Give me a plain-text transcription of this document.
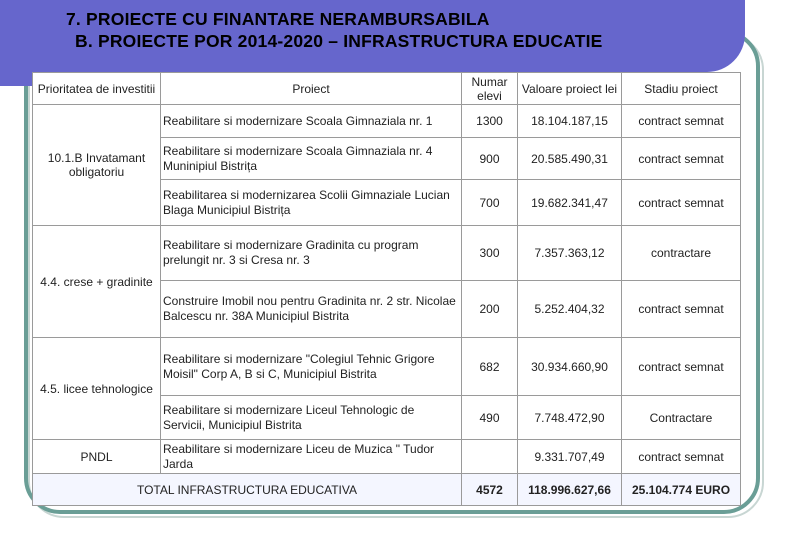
7. PROIECTE CU FINANTARE NERAMBURSABILA
B. PROIECTE POR 2014-2020 – INFRASTRUCTURA EDUCATIE
Prioritatea de investitii	Proiect	Numar elevi	Valoare proiect lei	Stadiu proiect
10.1.B Invatamant obligatoriu	Reabilitare si modernizare Scoala Gimnaziala nr. 1	1300	18.104.187,15	contract semnat
	Reabilitare si modernizare Scoala Gimnaziala nr. 4 Muninipiul Bistrița	900	20.585.490,31	contract semnat
	Reabilitarea si modernizarea Scolii Gimnaziale Lucian Blaga Municipiul Bistrița	700	19.682.341,47	contract semnat
4.4. crese + gradinite	Reabilitare si modernizare Gradinita cu program prelungit nr. 3 si Cresa nr. 3	300	7.357.363,12	contractare
	Construire Imobil nou pentru Gradinita nr. 2 str. Nicolae Balcescu nr. 38A Municipiul Bistrita	200	5.252.404,32	contract semnat
4.5. licee tehnologice	Reabilitare si modernizare "Colegiul Tehnic Grigore Moisil" Corp A, B si C, Municipiul Bistrita	682	30.934.660,90	contract semnat
	Reabilitare si modernizare Liceul Tehnologic de Servicii, Municipiul Bistrita	490	7.748.472,90	Contractare
PNDL	Reabilitare si modernizare Liceu de Muzica " Tudor Jarda		9.331.707,49	contract semnat
TOTAL INFRASTRUCTURA EDUCATIVA		4572	118.996.627,66	25.104.774 EURO
